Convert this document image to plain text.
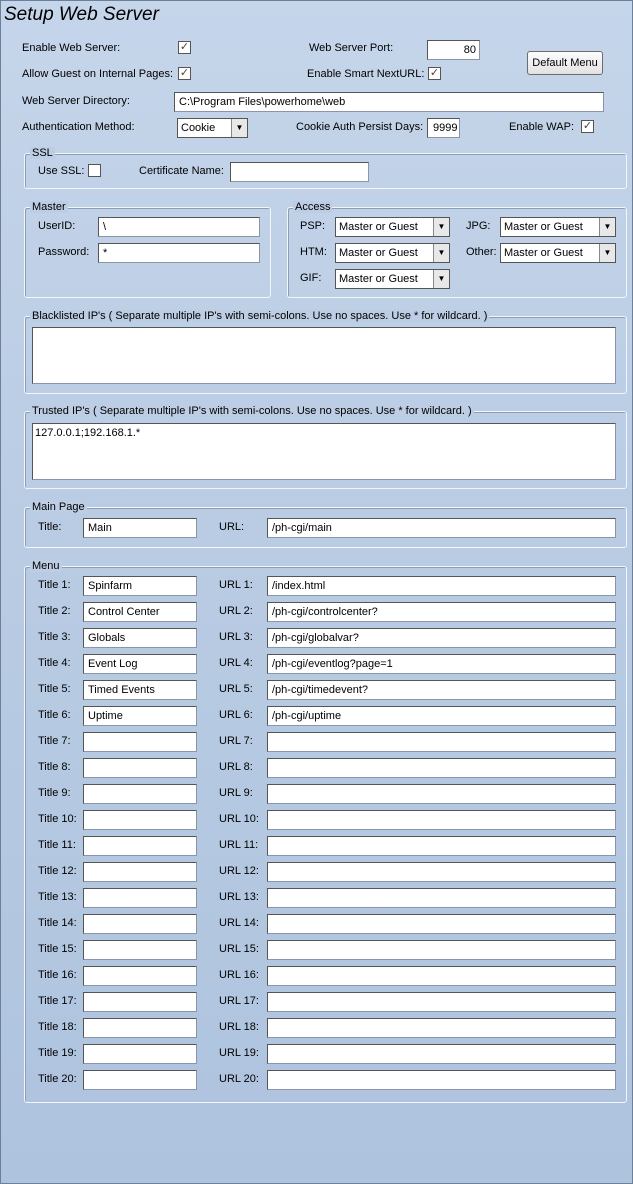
Setup Web Server
Enable Web Server:	✓
Allow Guest on Internal Pages: ✓
Web Server Port:	80
Enable Smart NextURL: ✓
Default Menu
Web Server Directory:	C:\Program Files\powerhome\web
Authentication Method:	Cookie	▼	Cookie Auth Persist Days: 9999	Enable WAP: ✓
SSL
Use SSL:	Certificate Name:
Master
UserID:	\
Password:	*
Access
PSP:	Master or Guest	▼	JPG:	Master or Guest	▼
HTM:	Master or Guest	▼	Other: Master or Guest	▼
GIF:	Master or Guest	▼
Blacklisted IP's ( Separate multiple IP's with semi-colons. Use no spaces. Use * for wildcard. )
Trusted IP's ( Separate multiple IP's with semi-colons. Use no spaces. Use * for wildcard. )
127.0.0.1;192.168.1.*
Main Page
Title:	Main	URL:	/ph-cgi/main
Menu
Title 1:	Spinfarm	URL 1:	/index.html
Title 2:	Control Center	URL 2:	/ph-cgi/controlcenter?
Title 3:	Globals	URL 3:	/ph-cgi/globalvar?
Title 4:	Event Log	URL 4:	/ph-cgi/eventlog?page=1
Title 5:	Timed Events	URL 5:	/ph-cgi/timedevent?
Title 6:	Uptime	URL 6:	/ph-cgi/uptime
Title 7:	URL 7:
Title 8:	URL 8:
Title 9:	URL 9:
Title 10:	URL 10:
Title 11:	URL 11:
Title 12:	URL 12:
Title 13:	URL 13:
Title 14:	URL 14:
Title 15:	URL 15:
Title 16:	URL 16:
Title 17:	URL 17:
Title 18:	URL 18:
Title 19:	URL 19:
Title 20:	URL 20:
